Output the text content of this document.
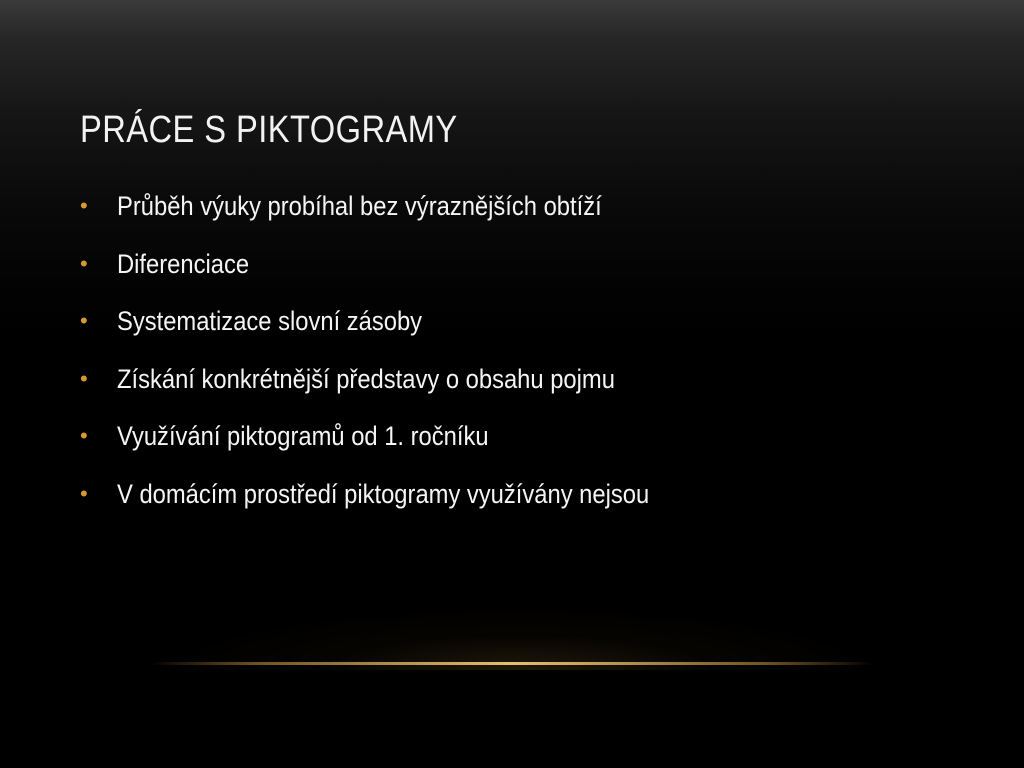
PRÁCE S PIKTOGRAMY
• Průběh výuky probíhal bez výraznějších obtíží
• Diferenciace
• Systematizace slovní zásoby
• Získání konkrétnější představy o obsahu pojmu
• Využívání piktogramů od 1. ročníku
• V domácím prostředí piktogramy využívány nejsou
